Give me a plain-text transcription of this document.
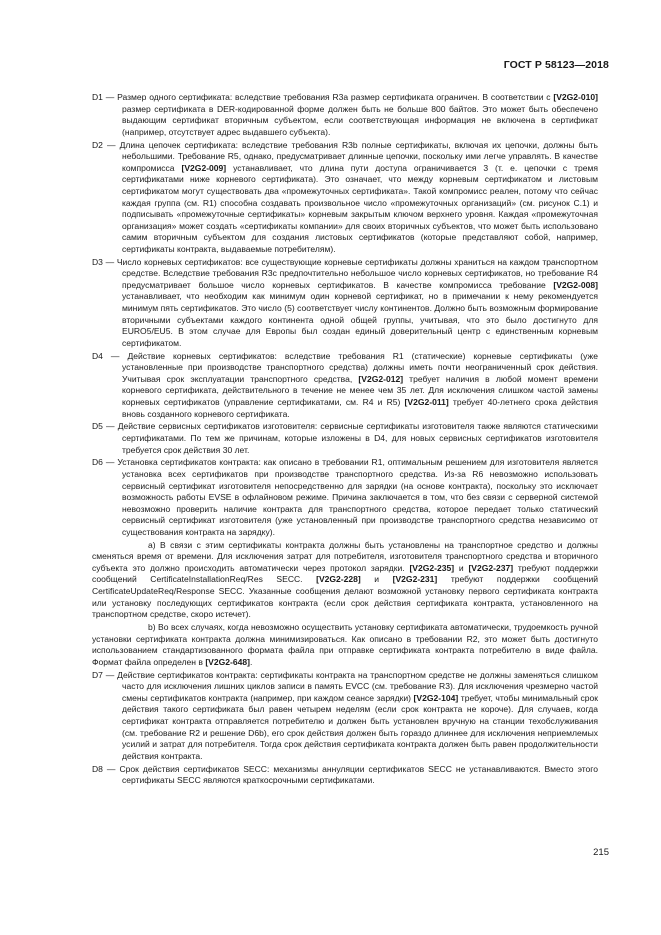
ГОСТ Р 58123—2018

D1 — Размер одного сертификата: вследствие требования R3a размер сертификата ограничен. В соответствии с [V2G2-010] размер сертификата в DER-кодированной форме должен быть не больше 800 байтов. Это может быть обеспечено выдающим сертификат вторичным субъектом, если соответствующая информация не включена в сертификат (например, отсутствует адрес выдавшего субъекта).

D2 — Длина цепочек сертификата: вследствие требования R3b полные сертификаты, включая их цепочки, должны быть небольшими. Требование R5, однако, предусматривает длинные цепочки, поскольку ими легче управлять. В качестве компромисса [V2G2-009] устанавливает, что длина пути доступа ограничивается 3 (т. е. цепочки с тремя сертификатами ниже корневого сертификата). Это означает, что между корневым сертификатом и листовым сертификатом могут существовать два «промежуточных сертификата». Такой компромисс реален, потому что сейчас каждая группа (см. R1) способна создавать произвольное число «промежуточных организаций» (см. рисунок С.1) и подписывать «промежуточные сертификаты» корневым закрытым ключом верхнего уровня. Каждая «промежуточная организация» может создать «сертификаты компании» для своих вторичных субъектов, что может быть использовано самим вторичным субъектом для создания листовых сертификатов (которые представляют собой, например, сертификаты контракта, выдаваемые потребителям).

D3 — Число корневых сертификатов: все существующие корневые сертификаты должны храниться на каждом транспортном средстве. Вследствие требования R3c предпочтительно небольшое число корневых сертификатов, но требование R4 предусматривает большое число корневых сертификатов. В качестве компромисса требование [V2G2-008] устанавливает, что необходим как минимум один корневой сертификат, но в примечании к нему рекомендуется минимум пять сертификатов. Это число (5) соответствует числу континентов. Должно быть возможным формирование вторичными субъектами каждого континента одной общей группы, учитывая, что это было достигнуто для EURO5/EU5. В этом случае для Европы был создан единый доверительный центр с единственным корневым сертификатом.

D4 — Действие корневых сертификатов: вследствие требования R1 (статические) корневые сертификаты (уже установленные при производстве транспортного средства) должны иметь почти неограниченный срок действия. Учитывая срок эксплуатации транспортного средства, [V2G2-012] требует наличия в любой момент времени корневого сертификата, действительного в течение не менее чем 35 лет. Для исключения слишком частой замены корневых сертификатов (управление сертификатами, см. R4 и R5) [V2G2-011] требует 40-летнего срока действия вновь созданного корневого сертификата.

D5 — Действие сервисных сертификатов изготовителя: сервисные сертификаты изготовителя также являются статическими сертификатами. По тем же причинам, которые изложены в D4, для новых сервисных сертификатов изготовителя требуется срок действия 30 лет.

D6 — Установка сертификатов контракта: как описано в требовании R1, оптимальным решением для изготовителя является установка всех сертификатов при производстве транспортного средства. Из-за R6 невозможно использовать сервисный сертификат изготовителя непосредственно для зарядки (на основе контракта), поскольку это исключает возможность работы EVSE в офлайновом режиме. Причина заключается в том, что без связи с серверной системой невозможно проверить наличие контракта для транспортного средства, которое передает только статический сервисный сертификат изготовителя (уже установленный при производстве транспортного средства независимо от существования контракта на зарядку).

a) В связи с этим сертификаты контракта должны быть установлены на транспортное средство и должны сменяться время от времени. Для исключения затрат для потребителя, изготовителя транспортного средства и вторичного субъекта это должно происходить автоматически через протокол зарядки. [V2G2-235] и [V2G2-237] требуют поддержки сообщений CertificateInstallationReq/Res SECC. [V2G2-228] и [V2G2-231] требуют поддержки сообщений CertificateUpdateReq/Response SECC. Указанные сообщения делают возможной установку первого сертификата контракта или установку последующих сертификатов контракта (если срок действия сертификата контракта, установленного на транспортном средстве, скоро истечет).

b) Во всех случаях, когда невозможно осуществить установку сертификата автоматически, трудоемкость ручной установки сертификата контракта должна минимизироваться. Как описано в требовании R2, это может быть достигнуто использованием стандартизованного формата файла при отправке сертификата контракта потребителю в виде файла. Формат файла определен в [V2G2-648].

D7 — Действие сертификатов контракта: сертификаты контракта на транспортном средстве не должны заменяться слишком часто для исключения лишних циклов записи в память EVCC (см. требование R3). Для исключения чрезмерно частой смены сертификатов контракта (например, при каждом сеансе зарядки) [V2G2-104] требует, чтобы минимальный срок действия такого сертификата был равен четырем неделям (если срок контракта не короче). Для случаев, когда сертификат контракта отправляется потребителю и должен быть установлен вручную на станции техобслуживания (см. требование R2 и решение D6b), его срок действия должен быть гораздо длиннее для исключения неприемлемых усилий и затрат для потребителя. Тогда срок действия сертификата контракта должен быть равен продолжительности действия контракта.

D8 — Срок действия сертификатов SECC: механизмы аннуляции сертификатов SECC не устанавливаются. Вместо этого сертификаты SECC являются краткосрочными сертификатами.

215
